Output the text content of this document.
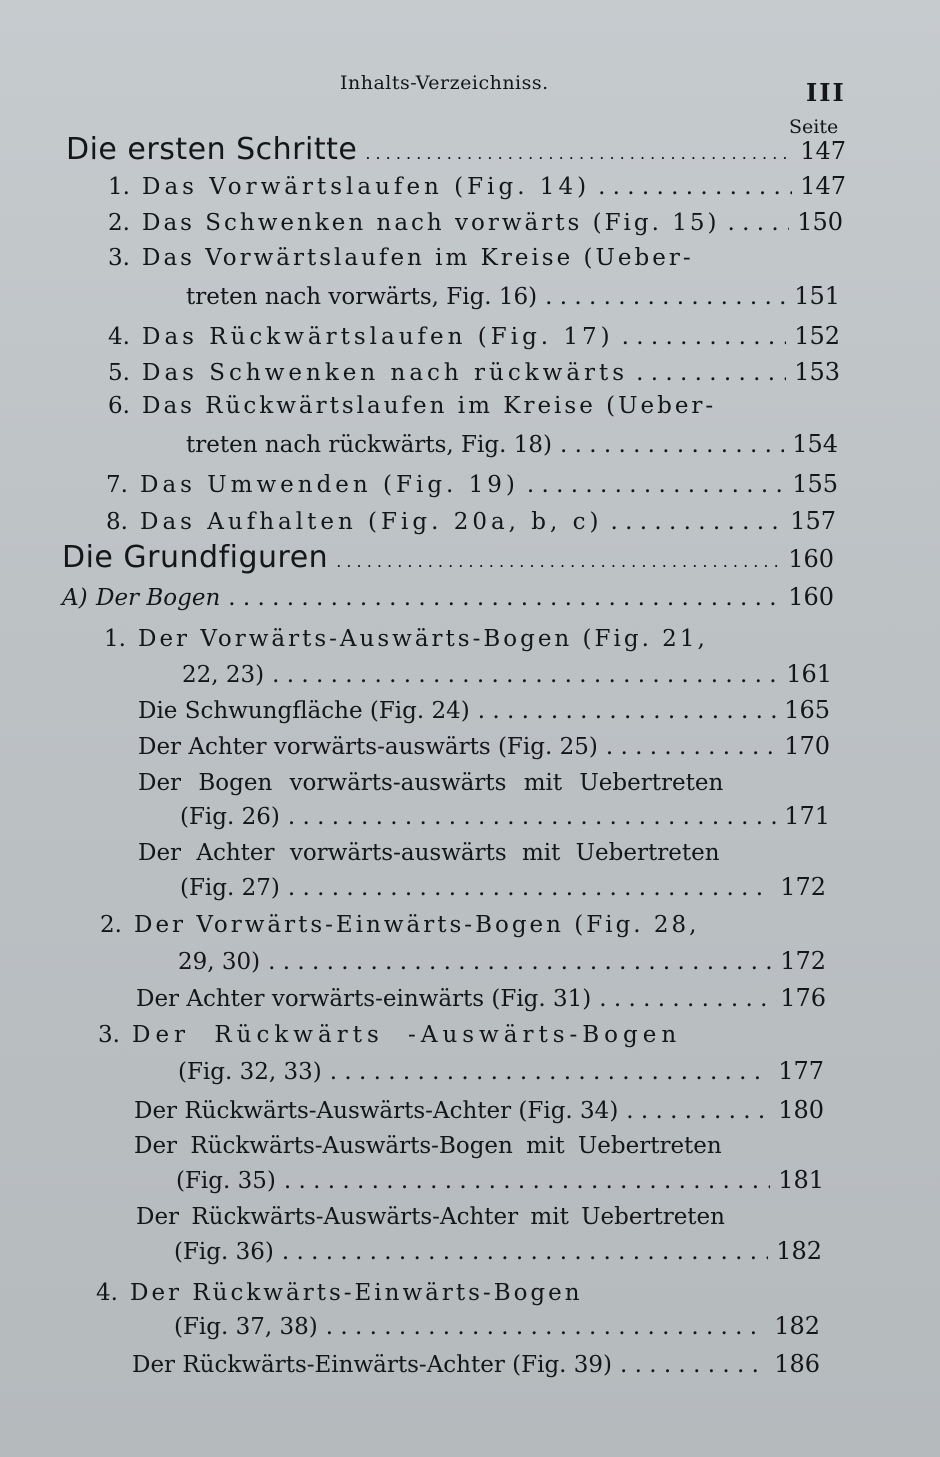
Inhalts-Verzeichniss.	III
Seite
Die ersten Schritte . . .	147
1. Das Vorwärtslaufen (Fig. 14) . . .	147
2. Das Schwenken nach vorwärts (Fig. 15) . . .	150
3. Das Vorwärtslaufen im Kreise (Ueber-
treten nach vorwärts, Fig. 16) . . .	151
4. Das Rückwärtslaufen (Fig. 17) . . .	152
5. Das Schwenken nach rückwärts . . .	153
6. Das Rückwärtslaufen im Kreise (Ueber-
treten nach rückwärts, Fig. 18) . . .	154
7. Das Umwenden (Fig. 19) . . .	155
8. Das Aufhalten (Fig. 20a, b, c) . . .	157
Die Grundfiguren . . .	160
A) Der Bogen . . .	160
1. Der Vorwärts-Auswärts-Bogen (Fig. 21,
22, 23) . . .	161
Die Schwungfläche (Fig. 24) . . .	165
Der Achter vorwärts-auswärts (Fig. 25) . . .	170
Der Bogen vorwärts-auswärts mit Uebertreten
(Fig. 26) . . .	171
Der Achter vorwärts-auswärts mit Uebertreten
(Fig. 27) . . .	172
2. Der Vorwärts-Einwärts-Bogen (Fig. 28,
29, 30) . . .	172
Der Achter vorwärts-einwärts (Fig. 31) . . .	176
3. Der Rückwärts -Auswärts-Bogen
(Fig. 32, 33) . . .	177
Der Rückwärts-Auswärts-Achter (Fig. 34) . . .	180
Der Rückwärts-Auswärts-Bogen mit Uebertreten
(Fig. 35) . . .	181
Der Rückwärts-Auswärts-Achter mit Uebertreten
(Fig. 36) . . .	182
4. Der Rückwärts-Einwärts-Bogen
(Fig. 37, 38) . . .	182
Der Rückwärts-Einwärts-Achter (Fig. 39) . . .	186
